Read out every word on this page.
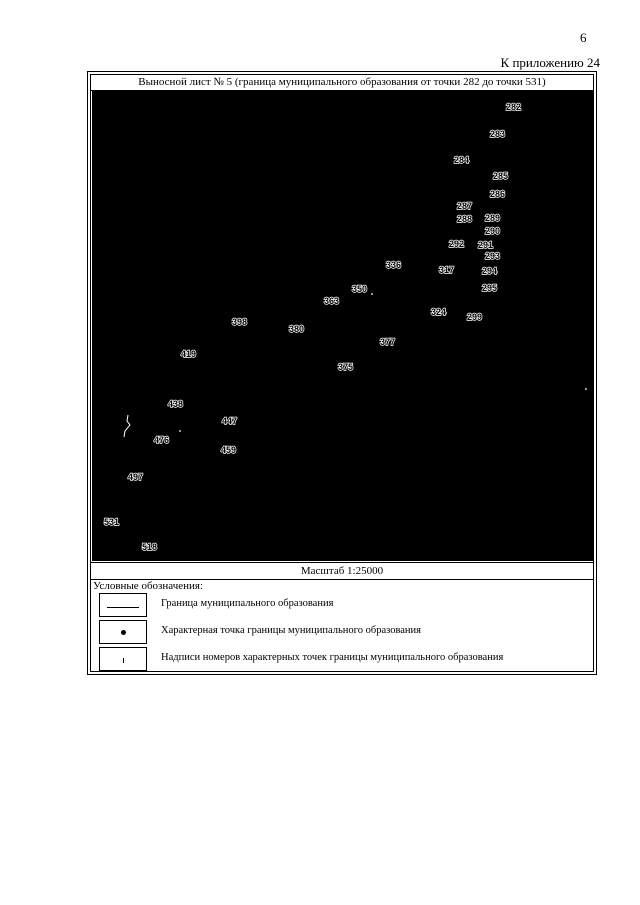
6
К приложению 24
Выносной лист № 5 (граница муниципального образования от точки 282 до точки 531)
282
283
284
285
286
287
288 289
290
292 291
293
294
317
336
295
350
363
324 299
398
380
377
419
375
438
447
476
459
497
531
518
Масштаб 1:25000
Условные обозначения:
Граница муниципального образования
Характерная точка границы муниципального образования
Надписи номеров характерных точек границы муниципального образования
